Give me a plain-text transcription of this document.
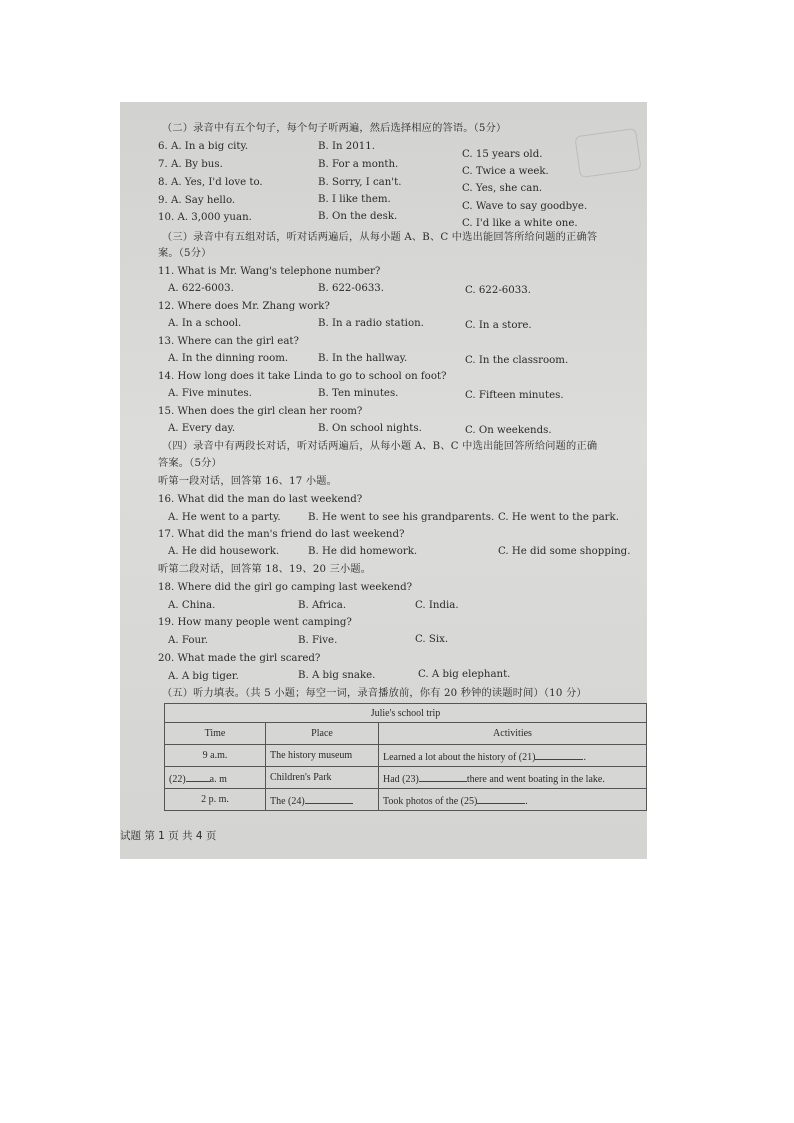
（二）录音中有五个句子，每个句子听两遍，然后选择相应的答语。（5分）
6. A. In a big city.	B. In 2011.
C. 15 years old.
7. A. By bus.	B. For a month.
C. Twice a week.
8. A. Yes, I'd love to.	B. Sorry, I can't.
C. Yes, she can.
9. A. Say hello.	B. I like them.
C. Wave to say goodbye.
10. A. 3,000 yuan.	B. On the desk.
C. I'd like a white one.
（三）录音中有五组对话，听对话两遍后，从每小题 A、B、C 中选出能回答所给问题的正确答
案。（5分）
11. What is Mr. Wang's telephone number?
A. 622-6003.	B. 622-0633.	C. 622-6033.
12. Where does Mr. Zhang work?
A. In a school.	B. In a radio station.	C. In a store.
13. Where can the girl eat?
A. In the dinning room.	B. In the hallway.	C. In the classroom.
14. How long does it take Linda to go to school on foot?
A. Five minutes.	B. Ten minutes.	C. Fifteen minutes.
15. When does the girl clean her room?
A. Every day.	B. On school nights.	C. On weekends.
（四）录音中有两段长对话，听对话两遍后，从每小题 A、B、C 中选出能回答所给问题的正确
答案。（5分）
听第一段对话，回答第 16、17 小题。
16. What did the man do last weekend?
A. He went to a party.	B. He went to see his grandparents. C. He went to the park.
17. What did the man's friend do last weekend?
A. He did housework.	B. He did homework.	C. He did some shopping.
听第二段对话，回答第 18、19、20 三小题。
18. Where did the girl go camping last weekend?
A. China.	B. Africa.	C. India.
19. How many people went camping?
A. Four.	B. Five.	C. Six.
20. What made the girl scared?
A. A big tiger.	B. A big snake.	C. A big elephant.
（五）听力填表。（共 5 小题；每空一词，录音播放前，你有 20 秒钟的读题时间）（10 分）
Julie's school trip		
Time	Place	Activities
9 a.m.	The history museum	Learned a lot about the history of (21) .
(22) a. m	Children's Park	Had (23) there and went boating in the lake.
2 p. m.	The (24)	Took photos of the (25) .
试题 第 1 页 共 4 页
